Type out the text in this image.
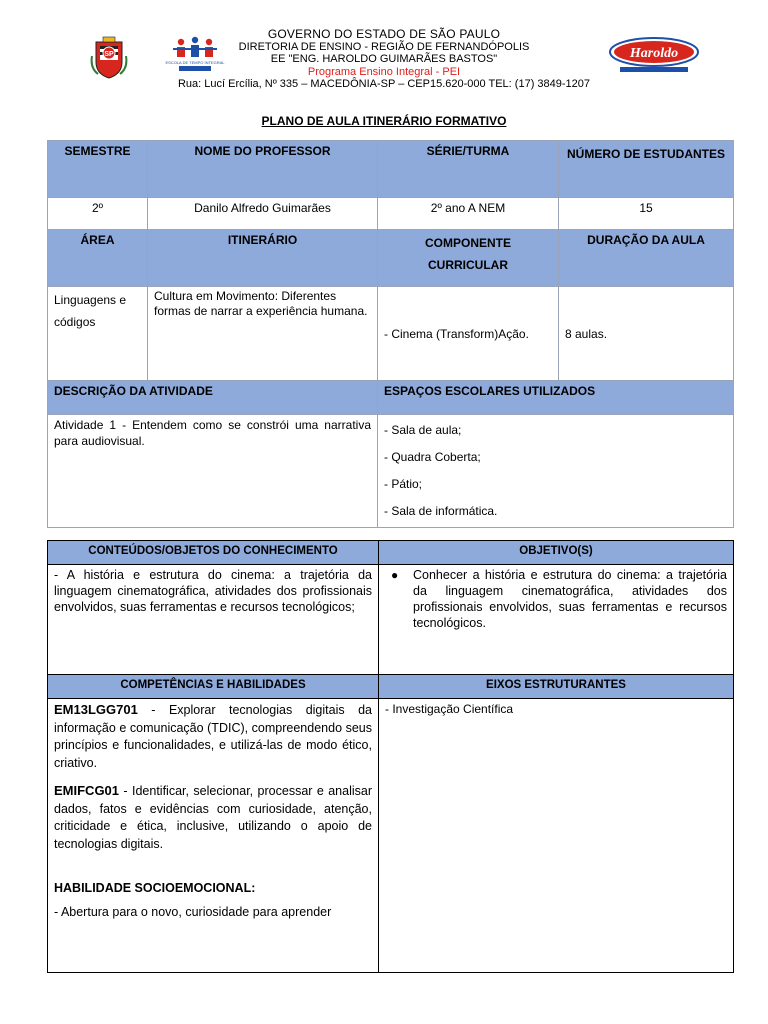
SP
ESCOLA DE TEMPO INTEGRAL
GOVERNO DO ESTADO DE SÃO PAULO
DIRETORIA DE ENSINO - REGIÃO DE FERNANDÓPOLIS
EE "ENG. HAROLDO GUIMARÃES BASTOS"
Programa Ensino Integral - PEI
Rua: Lucí Ercília, Nº 335 – MACEDÔNIA-SP – CEP15.620-000 TEL: (17) 3849-1207
Haroldo
PLANO DE AULA ITINERÁRIO FORMATIVO
SEMESTRE	NOME DO PROFESSOR	SÉRIE/TURMA	NÚMERO DE ESTUDANTES
2º	Danilo Alfredo Guimarães	2º ano A NEM	15
ÁREA	ITINERÁRIO	COMPONENTE CURRICULAR	DURAÇÃO DA AULA
Linguagens e códigos	Cultura em Movimento: Diferentes formas de narrar a experiência humana.	- Cinema (Transform)Ação.	8 aulas.
DESCRIÇÃO DA ATIVIDADE		ESPAÇOS ESCOLARES UTILIZADOS	
Atividade 1 - Entendem como se constrói uma narrativa para audiovisual.		- Sala de aula;
- Quadra Coberta;
- Pátio;
- Sala de informática.	
CONTEÚDOS/OBJETOS DO CONHECIMENTO	OBJETIVO(S)
- A história e estrutura do cinema: a trajetória da linguagem cinematográfica, atividades dos profissionais envolvidos, suas ferramentas e recursos tecnológicos;	● Conhecer a história e estrutura do cinema: a trajetória da linguagem cinematográfica, atividades dos profissionais envolvidos, suas ferramentas e recursos tecnológicos.

COMPETÊNCIAS E HABILIDADES	EIXOS ESTRUTURANTES

EM13LGG701 - Explorar tecnologias digitais da informação e comunicação (TDIC), compreendendo seus princípios e funcionalidades, e utilizá-las de modo ético, criativo.
EMIFCG01 - Identificar, selecionar, processar e analisar dados, fatos e evidências com curiosidade, atenção, criticidade e ética, inclusive, utilizando o apoio de tecnologias digitais.
HABILIDADE SOCIOEMOCIONAL:
- Abertura para o novo, curiosidade para aprender	- Investigação Científica
